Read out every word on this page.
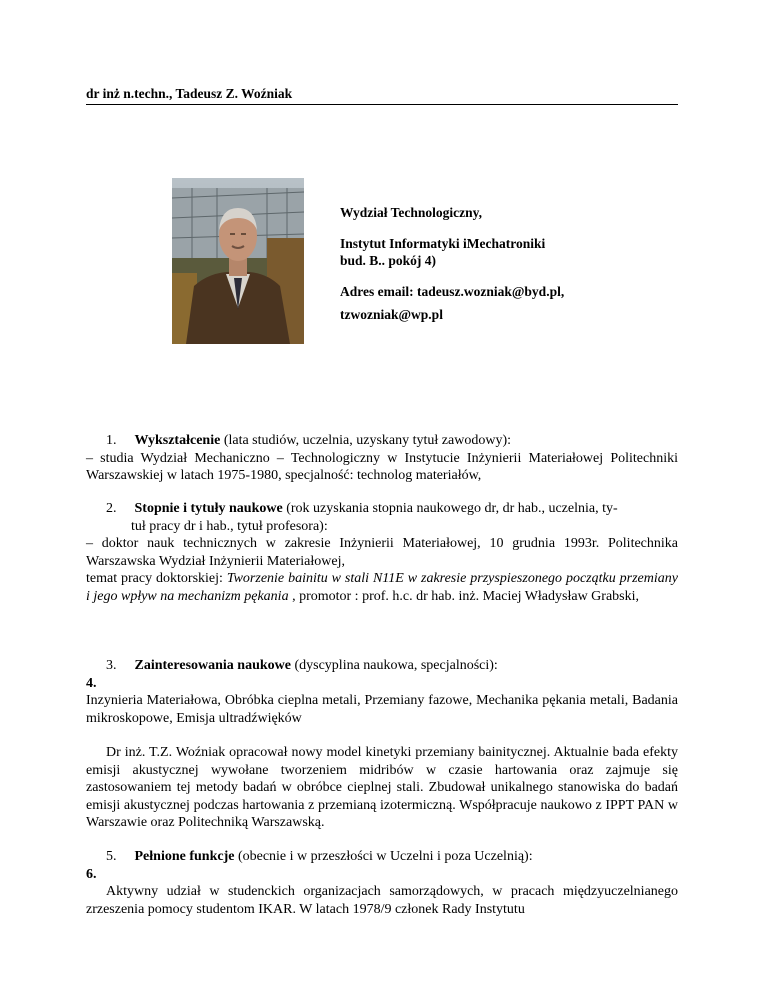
dr inż n.techn., Tadeusz Z. Woźniak

Wydział Technologiczny,

Instytut Informatyki iMechatroniki

bud. B.. pokój 4)

Adres email: tadeusz.wozniak@byd.pl,

tzwozniak@wp.pl

1. Wykształcenie (lata studiów, uczelnia, uzyskany tytuł zawodowy):

– studia Wydział Mechaniczno – Technologiczny w Instytucie Inżynierii Materiałowej Politechniki Warszawskiej w latach 1975-1980, specjalność: technolog materiałów,

2. Stopnie i tytuły naukowe (rok uzyskania stopnia naukowego dr, dr hab., uczelnia, ty-

tuł pracy dr i hab., tytuł profesora):

– doktor nauk technicznych w zakresie Inżynierii Materiałowej, 10 grudnia 1993r. Politechnika Warszawska Wydział Inżynierii Materiałowej,

temat pracy doktorskiej: Tworzenie bainitu w stali N11E w zakresie przyspieszonego początku przemiany i jego wpływ na mechanizm pękania , promotor : prof. h.c. dr hab. inż. Maciej Władysław Grabski,

3. Zainteresowania naukowe (dyscyplina naukowa, specjalności):

4.

Inzynieria Materiałowa, Obróbka cieplna metali, Przemiany fazowe, Mechanika pękania metali, Badania mikroskopowe, Emisja ultradźwięków

Dr inż. T.Z. Woźniak opracował nowy model kinetyki przemiany bainitycznej. Aktualnie bada efekty emisji akustycznej wywołane tworzeniem midribów w czasie hartowania oraz zajmuje się zastosowaniem tej metody badań w obróbce cieplnej stali. Zbudował unikalnego stanowiska do badań emisji akustycznej podczas hartowania z przemianą izotermiczną. Współpracuje naukowo z IPPT PAN w Warszawie oraz Politechniką Warszawską.

5. Pełnione funkcje (obecnie i w przeszłości w Uczelni i poza Uczelnią):

6.

Aktywny udział w studenckich organizacjach samorządowych, w pracach międzyuczelnianego zrzeszenia pomocy studentom IKAR. W latach 1978/9 członek Rady Instytutu
